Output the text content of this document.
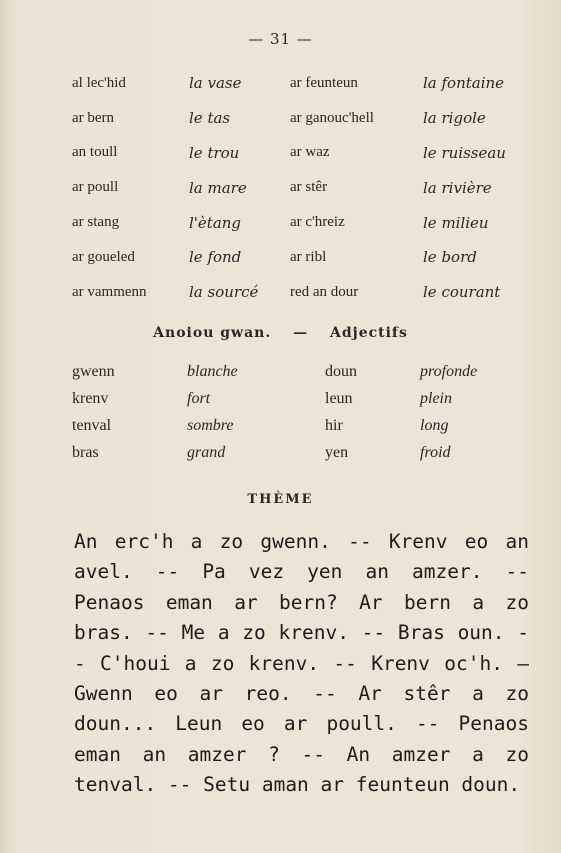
— 31 —
al lec'hid	la vase	ar feunteun	la fontaine
ar bern	le tas	ar ganouc'hell	la rigole
an toull	le trou	ar waz	le ruisseau
ar poull	la mare	ar stêr	la rivière
ar stang	l'ètang	ar c'hreiz	le milieu
ar goueled	le fond	ar ribl	le bord
ar vammenn	la sourcé	red an dour	le courant
Anoiou gwan. — Adjectifs
gwenn	blanche	doun	profonde
krenv	fort	leun	plein
tenval	sombre	hir	long
bras	grand	yen	froid
THÈME
An erc'h a zo gwenn. -- Krenv eo an avel. -- Pa vez yen an amzer. -- Penaos eman ar bern? Ar bern a zo bras. -- Me a zo krenv. -- Bras oun. -- C'houi a zo krenv. -- Krenv oc'h. — Gwenn eo ar reo. -- Ar stêr a zo doun... Leun eo ar poull. -- Penaos eman an amzer ? -- An amzer a zo tenval. -- Setu aman ar feunteun doun.
